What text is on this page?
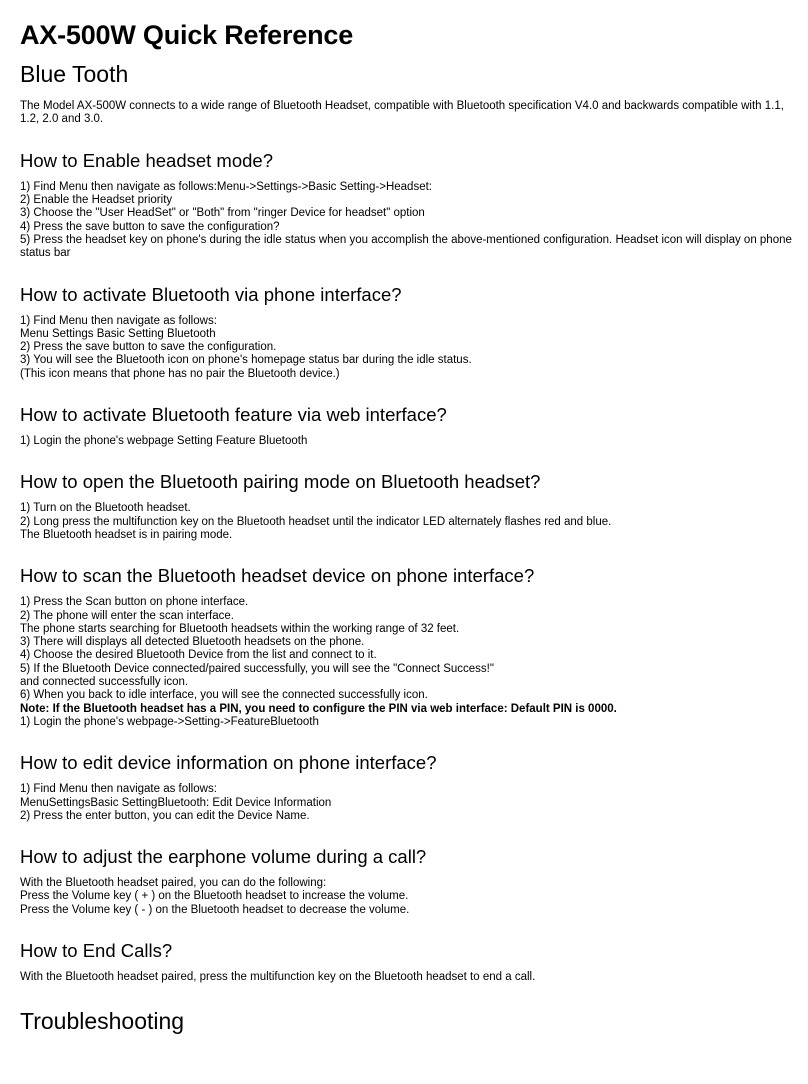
AX-500W Quick Reference
Blue Tooth

The Model AX-500W connects to a wide range of Bluetooth Headset, compatible with Bluetooth specification V4.0 and backwards compatible with 1.1, 1.2, 2.0 and 3.0.

How to Enable headset mode?
1) Find Menu then navigate as follows:Menu->Settings->Basic Setting->Headset:
2) Enable the Headset priority
3) Choose the "User HeadSet" or "Both" from "ringer Device for headset" option
4) Press the save button to save the configuration?
5) Press the headset key on phone's during the idle status when you accomplish the above-mentioned configuration. Headset icon will display on phone status bar
How to activate Bluetooth via phone interface?
1) Find Menu then navigate as follows:
Menu Settings Basic Setting Bluetooth
2) Press the save button to save the configuration.
3) You will see the Bluetooth icon on phone's homepage status bar during the idle status.
(This icon means that phone has no pair the Bluetooth device.)
How to activate Bluetooth feature via web interface?
1) Login the phone's webpage Setting Feature Bluetooth
How to open the Bluetooth pairing mode on Bluetooth headset?
1) Turn on the Bluetooth headset.
2) Long press the multifunction key on the Bluetooth headset until the indicator LED alternately flashes red and blue.
The Bluetooth headset is in pairing mode.
How to scan the Bluetooth headset device on phone interface?
1) Press the Scan button on phone interface.
2) The phone will enter the scan interface.
The phone starts searching for Bluetooth headsets within the working range of 32 feet.
3) There will displays all detected Bluetooth headsets on the phone.
4) Choose the desired Bluetooth Device from the list and connect to it.
5) If the Bluetooth Device connected/paired successfully, you will see the "Connect Success!"
and connected successfully icon.
6) When you back to idle interface, you will see the connected successfully icon.
Note: If the Bluetooth headset has a PIN, you need to configure the PIN via web interface: Default PIN is 0000.
1) Login the phone's webpage->Setting->FeatureBluetooth
How to edit device information on phone interface?
1) Find Menu then navigate as follows:
MenuSettingsBasic SettingBluetooth: Edit Device Information
2) Press the enter button, you can edit the Device Name.
How to adjust the earphone volume during a call?
With the Bluetooth headset paired, you can do the following:
Press the Volume key ( + ) on the Bluetooth headset to increase the volume.
Press the Volume key ( - ) on the Bluetooth headset to decrease the volume.
How to End Calls?
With the Bluetooth headset paired, press the multifunction key on the Bluetooth headset to end a call.
Troubleshooting
